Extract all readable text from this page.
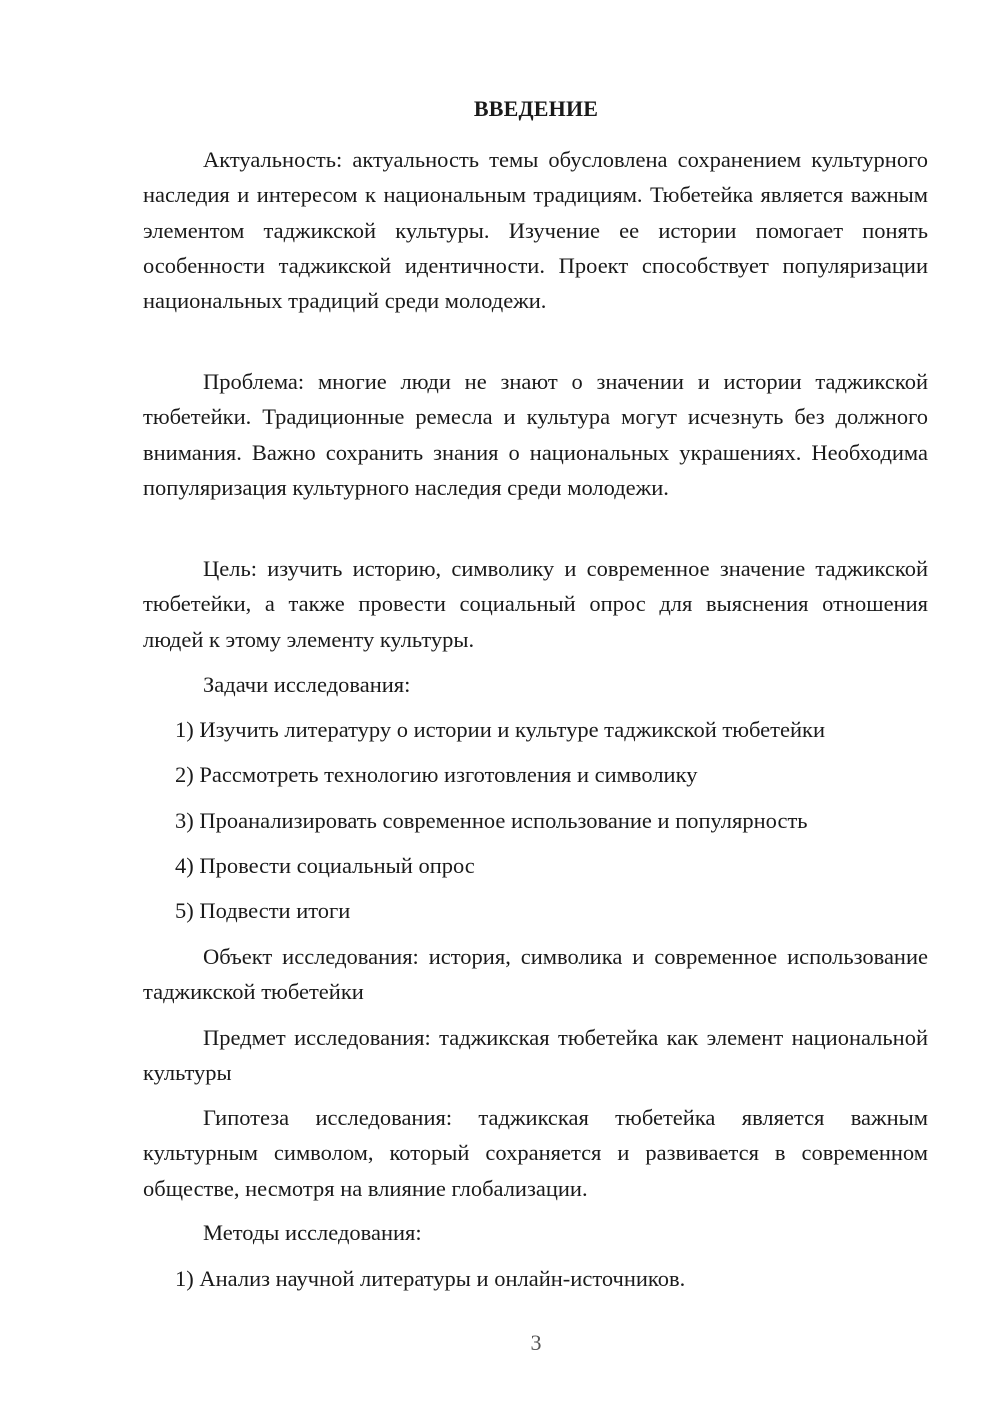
ВВЕДЕНИЕ

Актуальность: актуальность темы обусловлена сохранением культурного наследия и интересом к национальным традициям. Тюбетейка является важным элементом таджикской культуры. Изучение ее истории помогает понять особенности таджикской идентичности. Проект способствует популяризации национальных традиций среди молодежи.

Проблема: многие люди не знают о значении и истории таджикской тюбетейки. Традиционные ремесла и культура могут исчезнуть без должного внимания. Важно сохранить знания о национальных украшениях. Необходима популяризация культурного наследия среди молодежи.

Цель: изучить историю, символику и современное значение таджикской тюбетейки, а также провести социальный опрос для выяснения отношения людей к этому элементу культуры.

Задачи исследования:

1) Изучить литературу о истории и культуре таджикской тюбетейки

2) Рассмотреть технологию изготовления и символику

3) Проанализировать современное использование и популярность

4) Провести социальный опрос

5) Подвести итоги

Объект исследования: история, символика и современное использование таджикской тюбетейки

Предмет исследования: таджикская тюбетейка как элемент национальной культуры

Гипотеза исследования: таджикская тюбетейка является важным культурным символом, который сохраняется и развивается в современном обществе, несмотря на влияние глобализации.

Методы исследования:

1) Анализ научной литературы и онлайн-источников.

3
